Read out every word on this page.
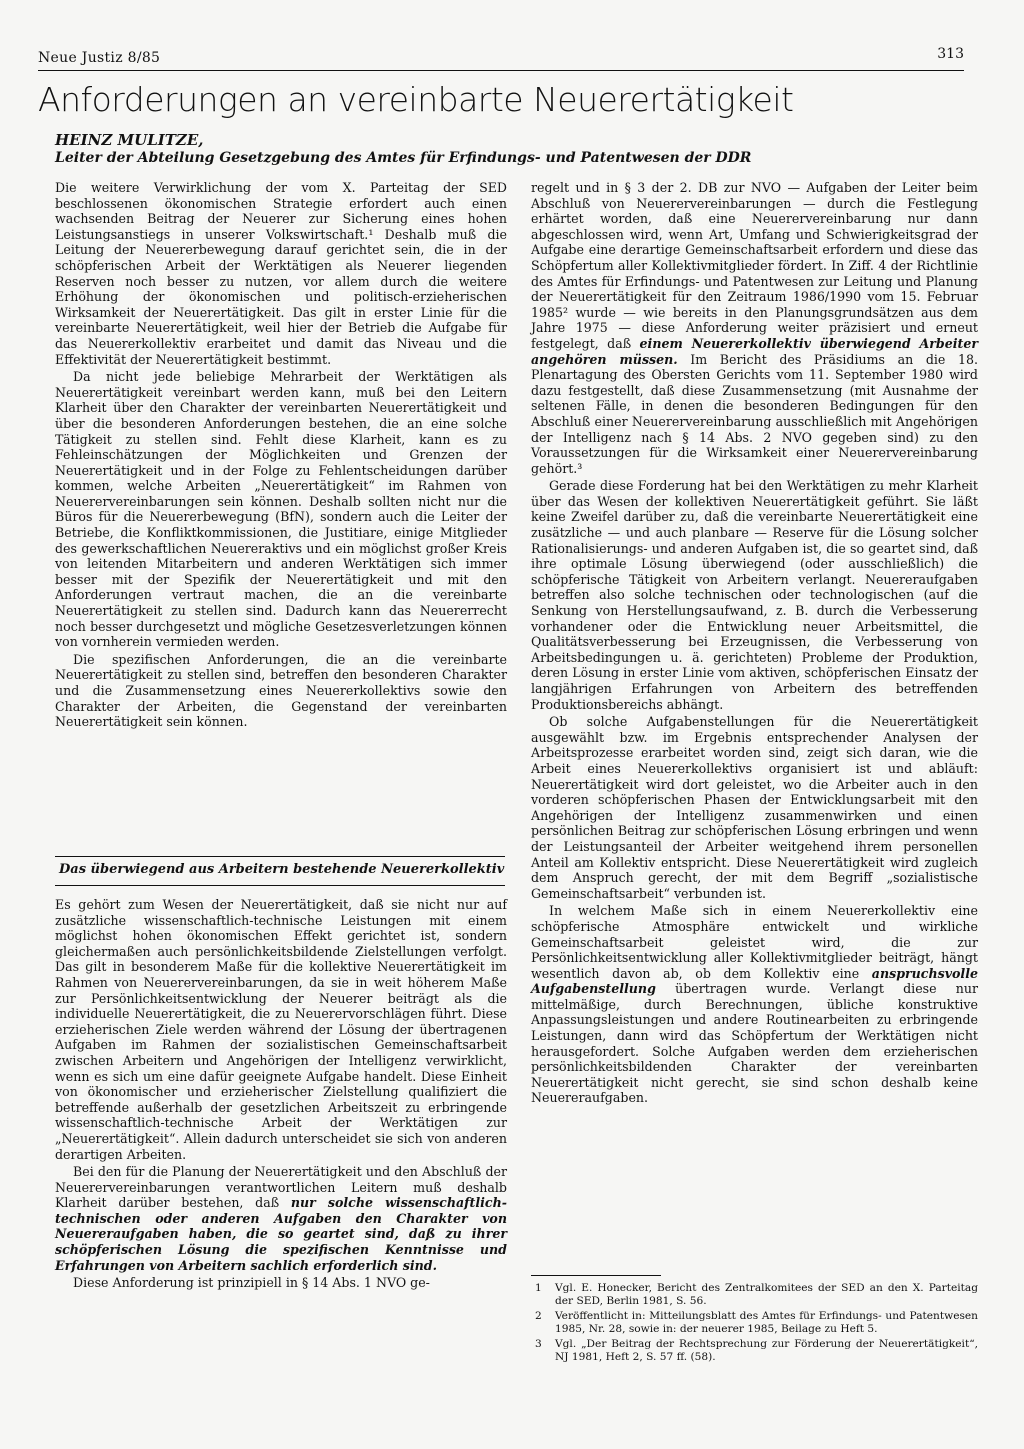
Neue Justiz 8/85	313
Anforderungen an vereinbarte Neuerertätigkeit
HEINZ MULITZE,
Leiter der Abteilung Gesetzgebung des Amtes für Erfindungs- und Patentwesen der DDR

Die weitere Verwirklichung der vom X. Parteitag der SED beschlossenen ökonomischen Strategie erfordert auch einen wachsenden Beitrag der Neuerer zur Sicherung eines hohen Leistungsanstiegs in unserer Volkswirtschaft.¹ Deshalb muß die Leitung der Neuererbewegung darauf gerichtet sein, die in der schöpferischen Arbeit der Werktätigen als Neuerer liegenden Reserven noch besser zu nutzen, vor allem durch die weitere Erhöhung der ökonomischen und politisch-erzieherischen Wirksamkeit der Neuerertätigkeit. Das gilt in erster Linie für die vereinbarte Neuerertätigkeit, weil hier der Betrieb die Aufgabe für das Neuererkollektiv erarbeitet und damit das Niveau und die Effektivität der Neuerertätigkeit bestimmt.

Da nicht jede beliebige Mehrarbeit der Werktätigen als Neuerertätigkeit vereinbart werden kann, muß bei den Leitern Klarheit über den Charakter der vereinbarten Neuerertätigkeit und über die besonderen Anforderungen bestehen, die an eine solche Tätigkeit zu stellen sind. Fehlt diese Klarheit, kann es zu Fehleinschätzungen der Möglichkeiten und Grenzen der Neuerertätigkeit und in der Folge zu Fehlentscheidungen darüber kommen, welche Arbeiten „Neuerertätigkeit“ im Rahmen von Neuerervereinbarungen sein können. Deshalb sollten nicht nur die Büros für die Neuererbewegung (BfN), sondern auch die Leiter der Betriebe, die Konfliktkommissionen, die Justitiare, einige Mitglieder des gewerkschaftlichen Neuereraktivs und ein möglichst großer Kreis von leitenden Mitarbeitern und anderen Werktätigen sich immer besser mit der Spezifik der Neuerertätigkeit und mit den Anforderungen vertraut machen, die an die vereinbarte Neuerertätigkeit zu stellen sind. Dadurch kann das Neuererrecht noch besser durchgesetzt und mögliche Gesetzesverletzungen können von vornherein vermieden werden.

Die spezifischen Anforderungen, die an die vereinbarte Neuerertätigkeit zu stellen sind, betreffen den besonderen Charakter und die Zusammensetzung eines Neuererkollektivs sowie den Charakter der Arbeiten, die Gegenstand der vereinbarten Neuerertätigkeit sein können.

Das überwiegend aus Arbeitern bestehende Neuererkollektiv

Es gehört zum Wesen der Neuerertätigkeit, daß sie nicht nur auf zusätzliche wissenschaftlich-technische Leistungen mit einem möglichst hohen ökonomischen Effekt gerichtet ist, sondern gleichermaßen auch persönlichkeitsbildende Zielstellungen verfolgt. Das gilt in besonderem Maße für die kollektive Neuerertätigkeit im Rahmen von Neuerervereinbarungen, da sie in weit höherem Maße zur Persönlichkeitsentwicklung der Neuerer beiträgt als die individuelle Neuerertätigkeit, die zu Neuerervorschlägen führt. Diese erzieherischen Ziele werden während der Lösung der übertragenen Aufgaben im Rahmen der sozialistischen Gemeinschaftsarbeit zwischen Arbeitern und Angehörigen der Intelligenz verwirklicht, wenn es sich um eine dafür geeignete Aufgabe handelt. Diese Einheit von ökonomischer und erzieherischer Zielstellung qualifiziert die betreffende außerhalb der gesetzlichen Arbeitszeit zu erbringende wissenschaftlich-technische Arbeit der Werktätigen zur „Neuerertätigkeit“. Allein dadurch unterscheidet sie sich von anderen derartigen Arbeiten.

Bei den für die Planung der Neuerertätigkeit und den Abschluß der Neuerervereinbarungen verantwortlichen Leitern muß deshalb Klarheit darüber bestehen, daß nur solche wissenschaftlich-technischen oder anderen Aufgaben den Charakter von Neuereraufgaben haben, die so geartet sind, daß zu ihrer schöpferischen Lösung die spezifischen Kenntnisse und Erfahrungen von Arbeitern sachlich erforderlich sind.

Diese Anforderung ist prinzipiell in § 14 Abs. 1 NVO ge-

regelt und in § 3 der 2. DB zur NVO — Aufgaben der Leiter beim Abschluß von Neuerervereinbarungen — durch die Festlegung erhärtet worden, daß eine Neuerervereinbarung nur dann abgeschlossen wird, wenn Art, Umfang und Schwierigkeitsgrad der Aufgabe eine derartige Gemeinschaftsarbeit erfordern und diese das Schöpfertum aller Kollektivmitglieder fördert. In Ziff. 4 der Richtlinie des Amtes für Erfindungs- und Patentwesen zur Leitung und Planung der Neuerertätigkeit für den Zeitraum 1986/1990 vom 15. Februar 1985² wurde — wie bereits in den Planungsgrundsätzen aus dem Jahre 1975 — diese Anforderung weiter präzisiert und erneut festgelegt, daß einem Neuererkollektiv überwiegend Arbeiter angehören müssen. Im Bericht des Präsidiums an die 18. Plenartagung des Obersten Gerichts vom 11. September 1980 wird dazu festgestellt, daß diese Zusammensetzung (mit Ausnahme der seltenen Fälle, in denen die besonderen Bedingungen für den Abschluß einer Neuerervereinbarung ausschließlich mit Angehörigen der Intelligenz nach § 14 Abs. 2 NVO gegeben sind) zu den Voraussetzungen für die Wirksamkeit einer Neuerervereinbarung gehört.³

Gerade diese Forderung hat bei den Werktätigen zu mehr Klarheit über das Wesen der kollektiven Neuerertätigkeit geführt. Sie läßt keine Zweifel darüber zu, daß die vereinbarte Neuerertätigkeit eine zusätzliche — und auch planbare — Reserve für die Lösung solcher Rationalisierungs- und anderen Aufgaben ist, die so geartet sind, daß ihre optimale Lösung überwiegend (oder ausschließlich) die schöpferische Tätigkeit von Arbeitern verlangt. Neuereraufgaben betreffen also solche technischen oder technologischen (auf die Senkung von Herstellungsaufwand, z. B. durch die Verbesserung vorhandener oder die Entwicklung neuer Arbeitsmittel, die Qualitätsverbesserung bei Erzeugnissen, die Verbesserung von Arbeitsbedingungen u. ä. gerichteten) Probleme der Produktion, deren Lösung in erster Linie vom aktiven, schöpferischen Einsatz der langjährigen Erfahrungen von Arbeitern des betreffenden Produktionsbereichs abhängt.

Ob solche Aufgabenstellungen für die Neuerertätigkeit ausgewählt bzw. im Ergebnis entsprechender Analysen der Arbeitsprozesse erarbeitet worden sind, zeigt sich daran, wie die Arbeit eines Neuererkollektivs organisiert ist und abläuft: Neuerertätigkeit wird dort geleistet, wo die Arbeiter auch in den vorderen schöpferischen Phasen der Entwicklungsarbeit mit den Angehörigen der Intelligenz zusammenwirken und einen persönlichen Beitrag zur schöpferischen Lösung erbringen und wenn der Leistungsanteil der Arbeiter weitgehend ihrem personellen Anteil am Kollektiv entspricht. Diese Neuerertätigkeit wird zugleich dem Anspruch gerecht, der mit dem Begriff „sozialistische Gemeinschaftsarbeit“ verbunden ist.

In welchem Maße sich in einem Neuererkollektiv eine schöpferische Atmosphäre entwickelt und wirkliche Gemeinschaftsarbeit geleistet wird, die zur Persönlichkeitsentwicklung aller Kollektivmitglieder beiträgt, hängt wesentlich davon ab, ob dem Kollektiv eine anspruchsvolle Aufgabenstellung übertragen wurde. Verlangt diese nur mittelmäßige, durch Berechnungen, übliche konstruktive Anpassungsleistungen und andere Routinearbeiten zu erbringende Leistungen, dann wird das Schöpfertum der Werktätigen nicht herausgefordert. Solche Aufgaben werden dem erzieherischen persönlichkeitsbildenden Charakter der vereinbarten Neuerertätigkeit nicht gerecht, sie sind schon deshalb keine Neuereraufgaben.

1 Vgl. E. Honecker, Bericht des Zentralkomitees der SED an den X. Parteitag der SED, Berlin 1981, S. 56.
2 Veröffentlicht in: Mitteilungsblatt des Amtes für Erfindungs- und Patentwesen 1985, Nr. 28, sowie in: der neuerer 1985, Beilage zu Heft 5.
3 Vgl. „Der Beitrag der Rechtsprechung zur Förderung der Neuerertätigkeit“, NJ 1981, Heft 2, S. 57 ff. (58).
